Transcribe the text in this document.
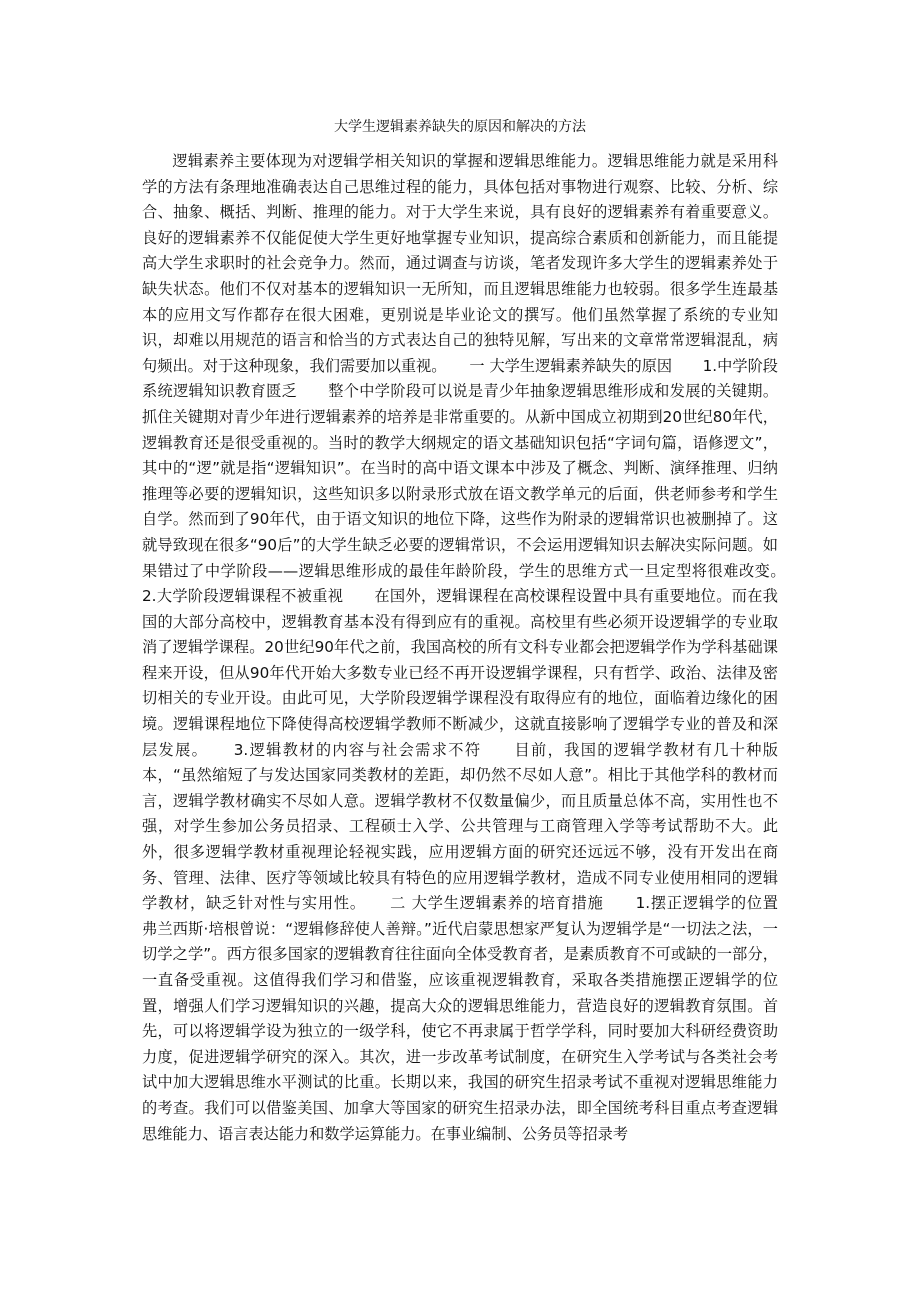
大学生逻辑素养缺失的原因和解决的方法

逻辑素养主要体现为对逻辑学相关知识的掌握和逻辑思维能力。逻辑思维能力就是采用科学的方法有条理地准确表达自己思维过程的能力，具体包括对事物进行观察、比较、分析、综合、抽象、概括、判断、推理的能力。对于大学生来说，具有良好的逻辑素养有着重要意义。良好的逻辑素养不仅能促使大学生更好地掌握专业知识，提高综合素质和创新能力，而且能提高大学生求职时的社会竞争力。然而，通过调查与访谈，笔者发现许多大学生的逻辑素养处于缺失状态。他们不仅对基本的逻辑知识一无所知，而且逻辑思维能力也较弱。很多学生连最基本的应用文写作都存在很大困难，更别说是毕业论文的撰写。他们虽然掌握了系统的专业知识，却难以用规范的语言和恰当的方式表达自己的独特见解，写出来的文章常常逻辑混乱，病句频出。对于这种现象，我们需要加以重视。　　一 大学生逻辑素养缺失的原因　　1.中学阶段系统逻辑知识教育匮乏　　整个中学阶段可以说是青少年抽象逻辑思维形成和发展的关键期。抓住关键期对青少年进行逻辑素养的培养是非常重要的。从新中国成立初期到20世纪80年代，逻辑教育还是很受重视的。当时的教学大纲规定的语文基础知识包括“字词句篇，语修逻文”，其中的“逻”就是指“逻辑知识”。在当时的高中语文课本中涉及了概念、判断、演绎推理、归纳推理等必要的逻辑知识，这些知识多以附录形式放在语文教学单元的后面，供老师参考和学生自学。然而到了90年代，由于语文知识的地位下降，这些作为附录的逻辑常识也被删掉了。这就导致现在很多“90后”的大学生缺乏必要的逻辑常识，不会运用逻辑知识去解决实际问题。如果错过了中学阶段——逻辑思维形成的最佳年龄阶段，学生的思维方式一旦定型将很难改变。　　2.大学阶段逻辑课程不被重视　　在国外，逻辑课程在高校课程设置中具有重要地位。而在我国的大部分高校中，逻辑教育基本没有得到应有的重视。高校里有些必须开设逻辑学的专业取消了逻辑学课程。20世纪90年代之前，我国高校的所有文科专业都会把逻辑学作为学科基础课程来开设，但从90年代开始大多数专业已经不再开设逻辑学课程，只有哲学、政治、法律及密切相关的专业开设。由此可见，大学阶段逻辑学课程没有取得应有的地位，面临着边缘化的困境。逻辑课程地位下降使得高校逻辑学教师不断减少，这就直接影响了逻辑学专业的普及和深层发展。　　3.逻辑教材的内容与社会需求不符　　目前，我国的逻辑学教材有几十种版本，“虽然缩短了与发达国家同类教材的差距，却仍然不尽如人意”。相比于其他学科的教材而言，逻辑学教材确实不尽如人意。逻辑学教材不仅数量偏少，而且质量总体不高，实用性也不强，对学生参加公务员招录、工程硕士入学、公共管理与工商管理入学等考试帮助不大。此外，很多逻辑学教材重视理论轻视实践，应用逻辑方面的研究还远远不够，没有开发出在商务、管理、法律、医疗等领域比较具有特色的应用逻辑学教材，造成不同专业使用相同的逻辑学教材，缺乏针对性与实用性。　　二 大学生逻辑素养的培育措施　　1.摆正逻辑学的位置　　弗兰西斯·培根曾说：“逻辑修辞使人善辩。”近代启蒙思想家严复认为逻辑学是“一切法之法，一切学之学”。西方很多国家的逻辑教育往往面向全体受教育者，是素质教育不可或缺的一部分，一直备受重视。这值得我们学习和借鉴，应该重视逻辑教育，采取各类措施摆正逻辑学的位置，增强人们学习逻辑知识的兴趣，提高大众的逻辑思维能力，营造良好的逻辑教育氛围。首先，可以将逻辑学设为独立的一级学科，使它不再隶属于哲学学科，同时要加大科研经费资助力度，促进逻辑学研究的深入。其次，进一步改革考试制度，在研究生入学考试与各类社会考试中加大逻辑思维水平测试的比重。长期以来，我国的研究生招录考试不重视对逻辑思维能力的考查。我们可以借鉴美国、加拿大等国家的研究生招录办法，即全国统考科目重点考查逻辑思维能力、语言表达能力和数学运算能力。在事业编制、公务员等招录考
